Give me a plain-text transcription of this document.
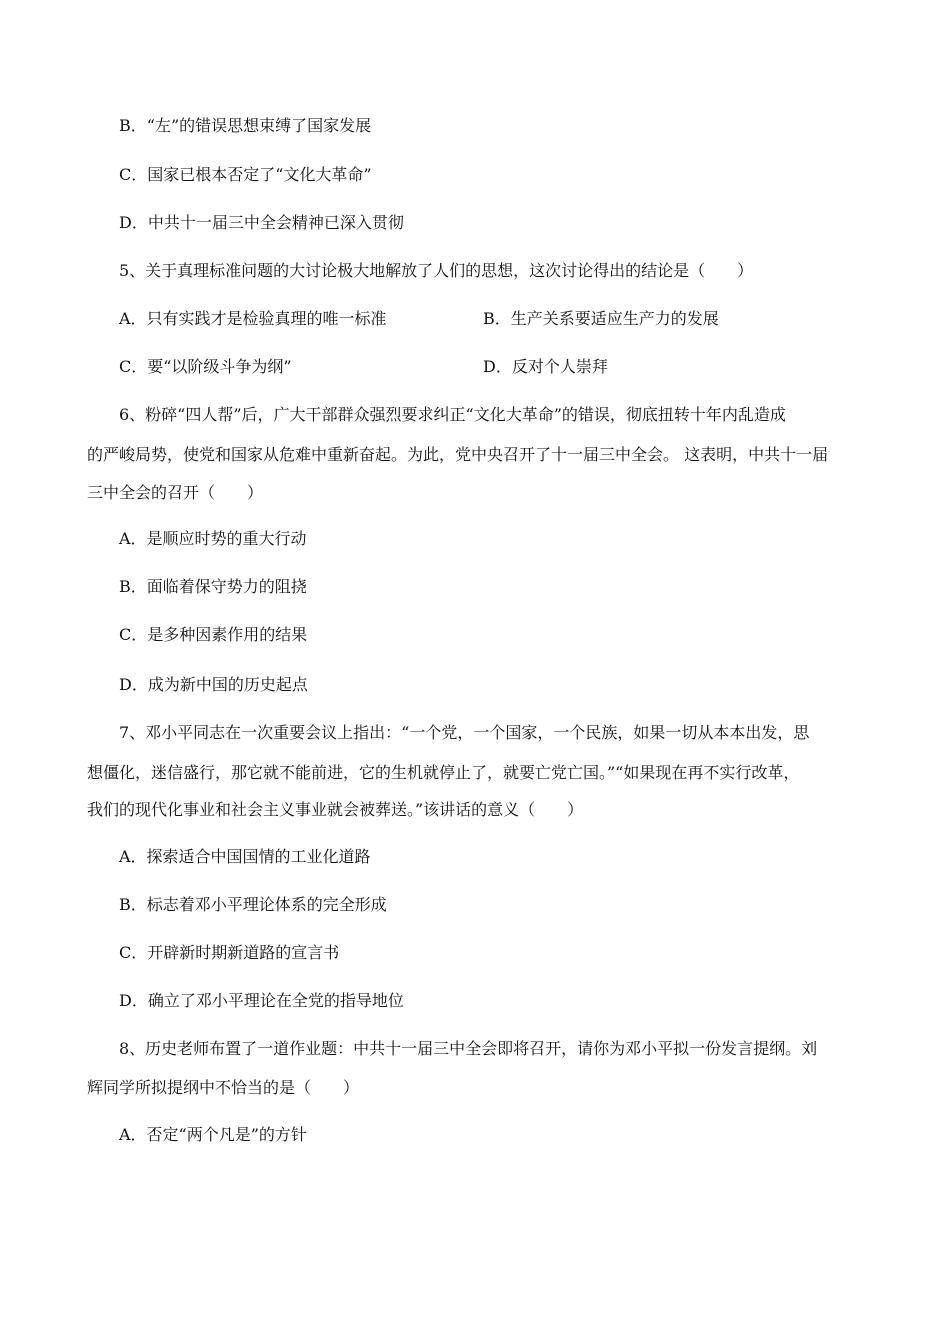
B．“左”的错误思想束缚了国家发展
C．国家已根本否定了“文化大革命”
D．中共十一届三中全会精神已深入贯彻
5、关于真理标准问题的大讨论极大地解放了人们的思想，这次讨论得出的结论是（　　）
A．只有实践才是检验真理的唯一标准	B．生产关系要适应生产力的发展
C．要“以阶级斗争为纲”	D．反对个人崇拜
6、粉碎“四人帮”后，广大干部群众强烈要求纠正“文化大革命”的错误，彻底扭转十年内乱造成
的严峻局势，使党和国家从危难中重新奋起。为此，党中央召开了十一届三中全会。 这表明，中共十一届
三中全会的召开（　　）
A．是顺应时势的重大行动
B．面临着保守势力的阻挠
C．是多种因素作用的结果
D．成为新中国的历史起点
7、邓小平同志在一次重要会议上指出：“一个党，一个国家，一个民族，如果一切从本本出发，思
想僵化，迷信盛行，那它就不能前进，它的生机就停止了，就要亡党亡国。”“如果现在再不实行改革，
我们的现代化事业和社会主义事业就会被葬送。”该讲话的意义（　　）
A．探索适合中国国情的工业化道路
B．标志着邓小平理论体系的完全形成
C．开辟新时期新道路的宣言书
D．确立了邓小平理论在全党的指导地位
8、历史老师布置了一道作业题：中共十一届三中全会即将召开，请你为邓小平拟一份发言提纲。刘
辉同学所拟提纲中不恰当的是（　　）
A．否定“两个凡是”的方针
